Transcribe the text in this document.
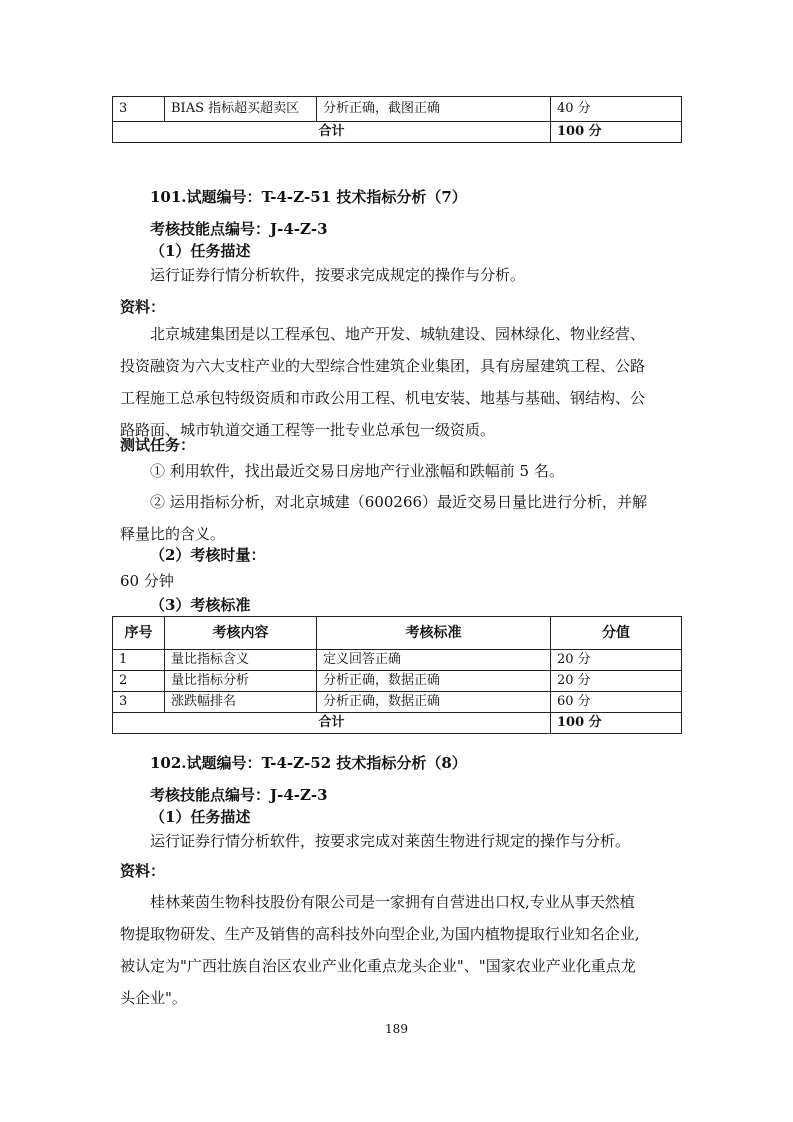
3	BIAS 指标超买超卖区	分析正确，截图正确	40 分
合计			100 分
101.试题编号：T-4-Z-51 技术指标分析（7）
考核技能点编号：J-4-Z-3
（1）任务描述
运行证券行情分析软件，按要求完成规定的操作与分析。
资料：
北京城建集团是以工程承包、地产开发、城轨建设、园林绿化、物业经营、
投资融资为六大支柱产业的大型综合性建筑企业集团，具有房屋建筑工程、公路
工程施工总承包特级资质和市政公用工程、机电安装、地基与基础、钢结构、公
路路面、城市轨道交通工程等一批专业总承包一级资质。
测试任务：
① 利用软件，找出最近交易日房地产行业涨幅和跌幅前 5 名。
② 运用指标分析，对北京城建（600266）最近交易日量比进行分析，并解
释量比的含义。
（2）考核时量：
60 分钟
（3）考核标准
序号	考核内容	考核标准	分值
1	量比指标含义	定义回答正确	20 分
2	量比指标分析	分析正确，数据正确	20 分
3	涨跌幅排名	分析正确，数据正确	60 分
合计			100 分
102.试题编号：T-4-Z-52 技术指标分析（8）
考核技能点编号：J-4-Z-3
（1）任务描述
运行证券行情分析软件，按要求完成对莱茵生物进行规定的操作与分析。
资料：
桂林莱茵生物科技股份有限公司是一家拥有自营进出口权,专业从事天然植
物提取物研发、生产及销售的高科技外向型企业,为国内植物提取行业知名企业,
被认定为"广西壮族自治区农业产业化重点龙头企业"、"国家农业产业化重点龙
头企业"。
189
